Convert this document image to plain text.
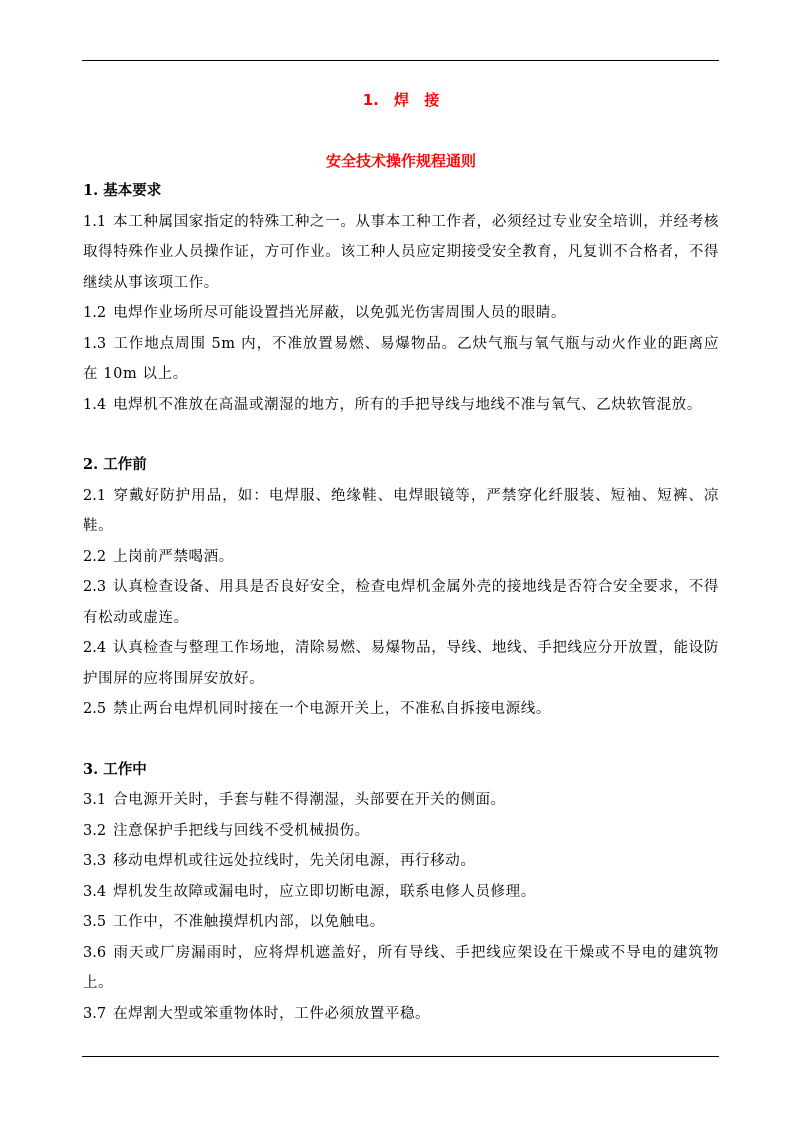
1. 焊 接
安全技术操作规程通则
1. 基本要求
1.1 本工种属国家指定的特殊工种之一。从事本工种工作者，必须经过专业安全培训，并经考核取得特殊作业人员操作证，方可作业。该工种人员应定期接受安全教育，凡复训不合格者，不得继续从事该项工作。
1.2 电焊作业场所尽可能设置挡光屏蔽，以免弧光伤害周围人员的眼睛。
1.3 工作地点周围 5m 内，不准放置易燃、易爆物品。乙炔气瓶与氧气瓶与动火作业的距离应在 10m 以上。
1.4 电焊机不准放在高温或潮湿的地方，所有的手把导线与地线不准与氧气、乙炔软管混放。
2. 工作前
2.1 穿戴好防护用品，如：电焊服、绝缘鞋、电焊眼镜等，严禁穿化纤服装、短袖、短裤、凉鞋。
2.2 上岗前严禁喝酒。
2.3 认真检查设备、用具是否良好安全，检查电焊机金属外壳的接地线是否符合安全要求，不得有松动或虚连。
2.4 认真检查与整理工作场地，清除易燃、易爆物品，导线、地线、手把线应分开放置，能设防护围屏的应将围屏安放好。
2.5 禁止两台电焊机同时接在一个电源开关上，不准私自拆接电源线。
3. 工作中
3.1 合电源开关时，手套与鞋不得潮湿，头部要在开关的侧面。
3.2 注意保护手把线与回线不受机械损伤。
3.3 移动电焊机或往远处拉线时，先关闭电源，再行移动。
3.4 焊机发生故障或漏电时，应立即切断电源，联系电修人员修理。
3.5 工作中，不准触摸焊机内部，以免触电。
3.6 雨天或厂房漏雨时，应将焊机遮盖好，所有导线、手把线应架设在干燥或不导电的建筑物上。
3.7 在焊割大型或笨重物体时，工件必须放置平稳。
